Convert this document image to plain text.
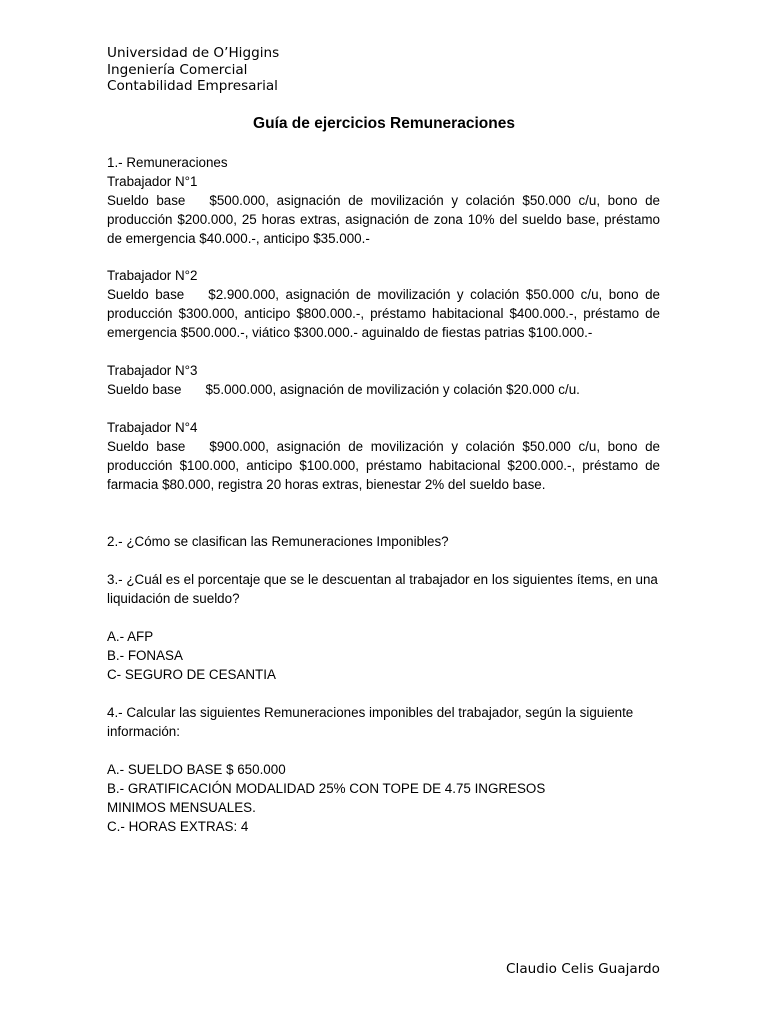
Universidad de O’Higgins
Ingeniería Comercial
Contabilidad Empresarial
Guía de ejercicios Remuneraciones

1.- Remuneraciones

Trabajador N°1

Sueldo base $500.000, asignación de movilización y colación $50.000 c/u, bono de producción $200.000, 25 horas extras, asignación de zona 10% del sueldo base, préstamo de emergencia $40.000.-, anticipo $35.000.-

Trabajador N°2

Sueldo base $2.900.000, asignación de movilización y colación $50.000 c/u, bono de producción $300.000, anticipo $800.000.-, préstamo habitacional $400.000.-, préstamo de emergencia $500.000.-, viático $300.000.- aguinaldo de fiestas patrias $100.000.-

Trabajador N°3

Sueldo base $5.000.000, asignación de movilización y colación $20.000 c/u.

Trabajador N°4

Sueldo base $900.000, asignación de movilización y colación $50.000 c/u, bono de producción $100.000, anticipo $100.000, préstamo habitacional $200.000.-, préstamo de farmacia $80.000, registra 20 horas extras, bienestar 2% del sueldo base.

2.- ¿Cómo se clasifican las Remuneraciones Imponibles?

3.- ¿Cuál es el porcentaje que se le descuentan al trabajador en los siguientes ítems, en una liquidación de sueldo?

A.- AFP

B.- FONASA

C- SEGURO DE CESANTIA

4.- Calcular las siguientes Remuneraciones imponibles del trabajador, según la siguiente información:

A.- SUELDO BASE $ 650.000

B.- GRATIFICACIÓN MODALIDAD 25% CON TOPE DE 4.75 INGRESOS MINIMOS MENSUALES.

C.- HORAS EXTRAS: 4

Claudio Celis Guajardo
